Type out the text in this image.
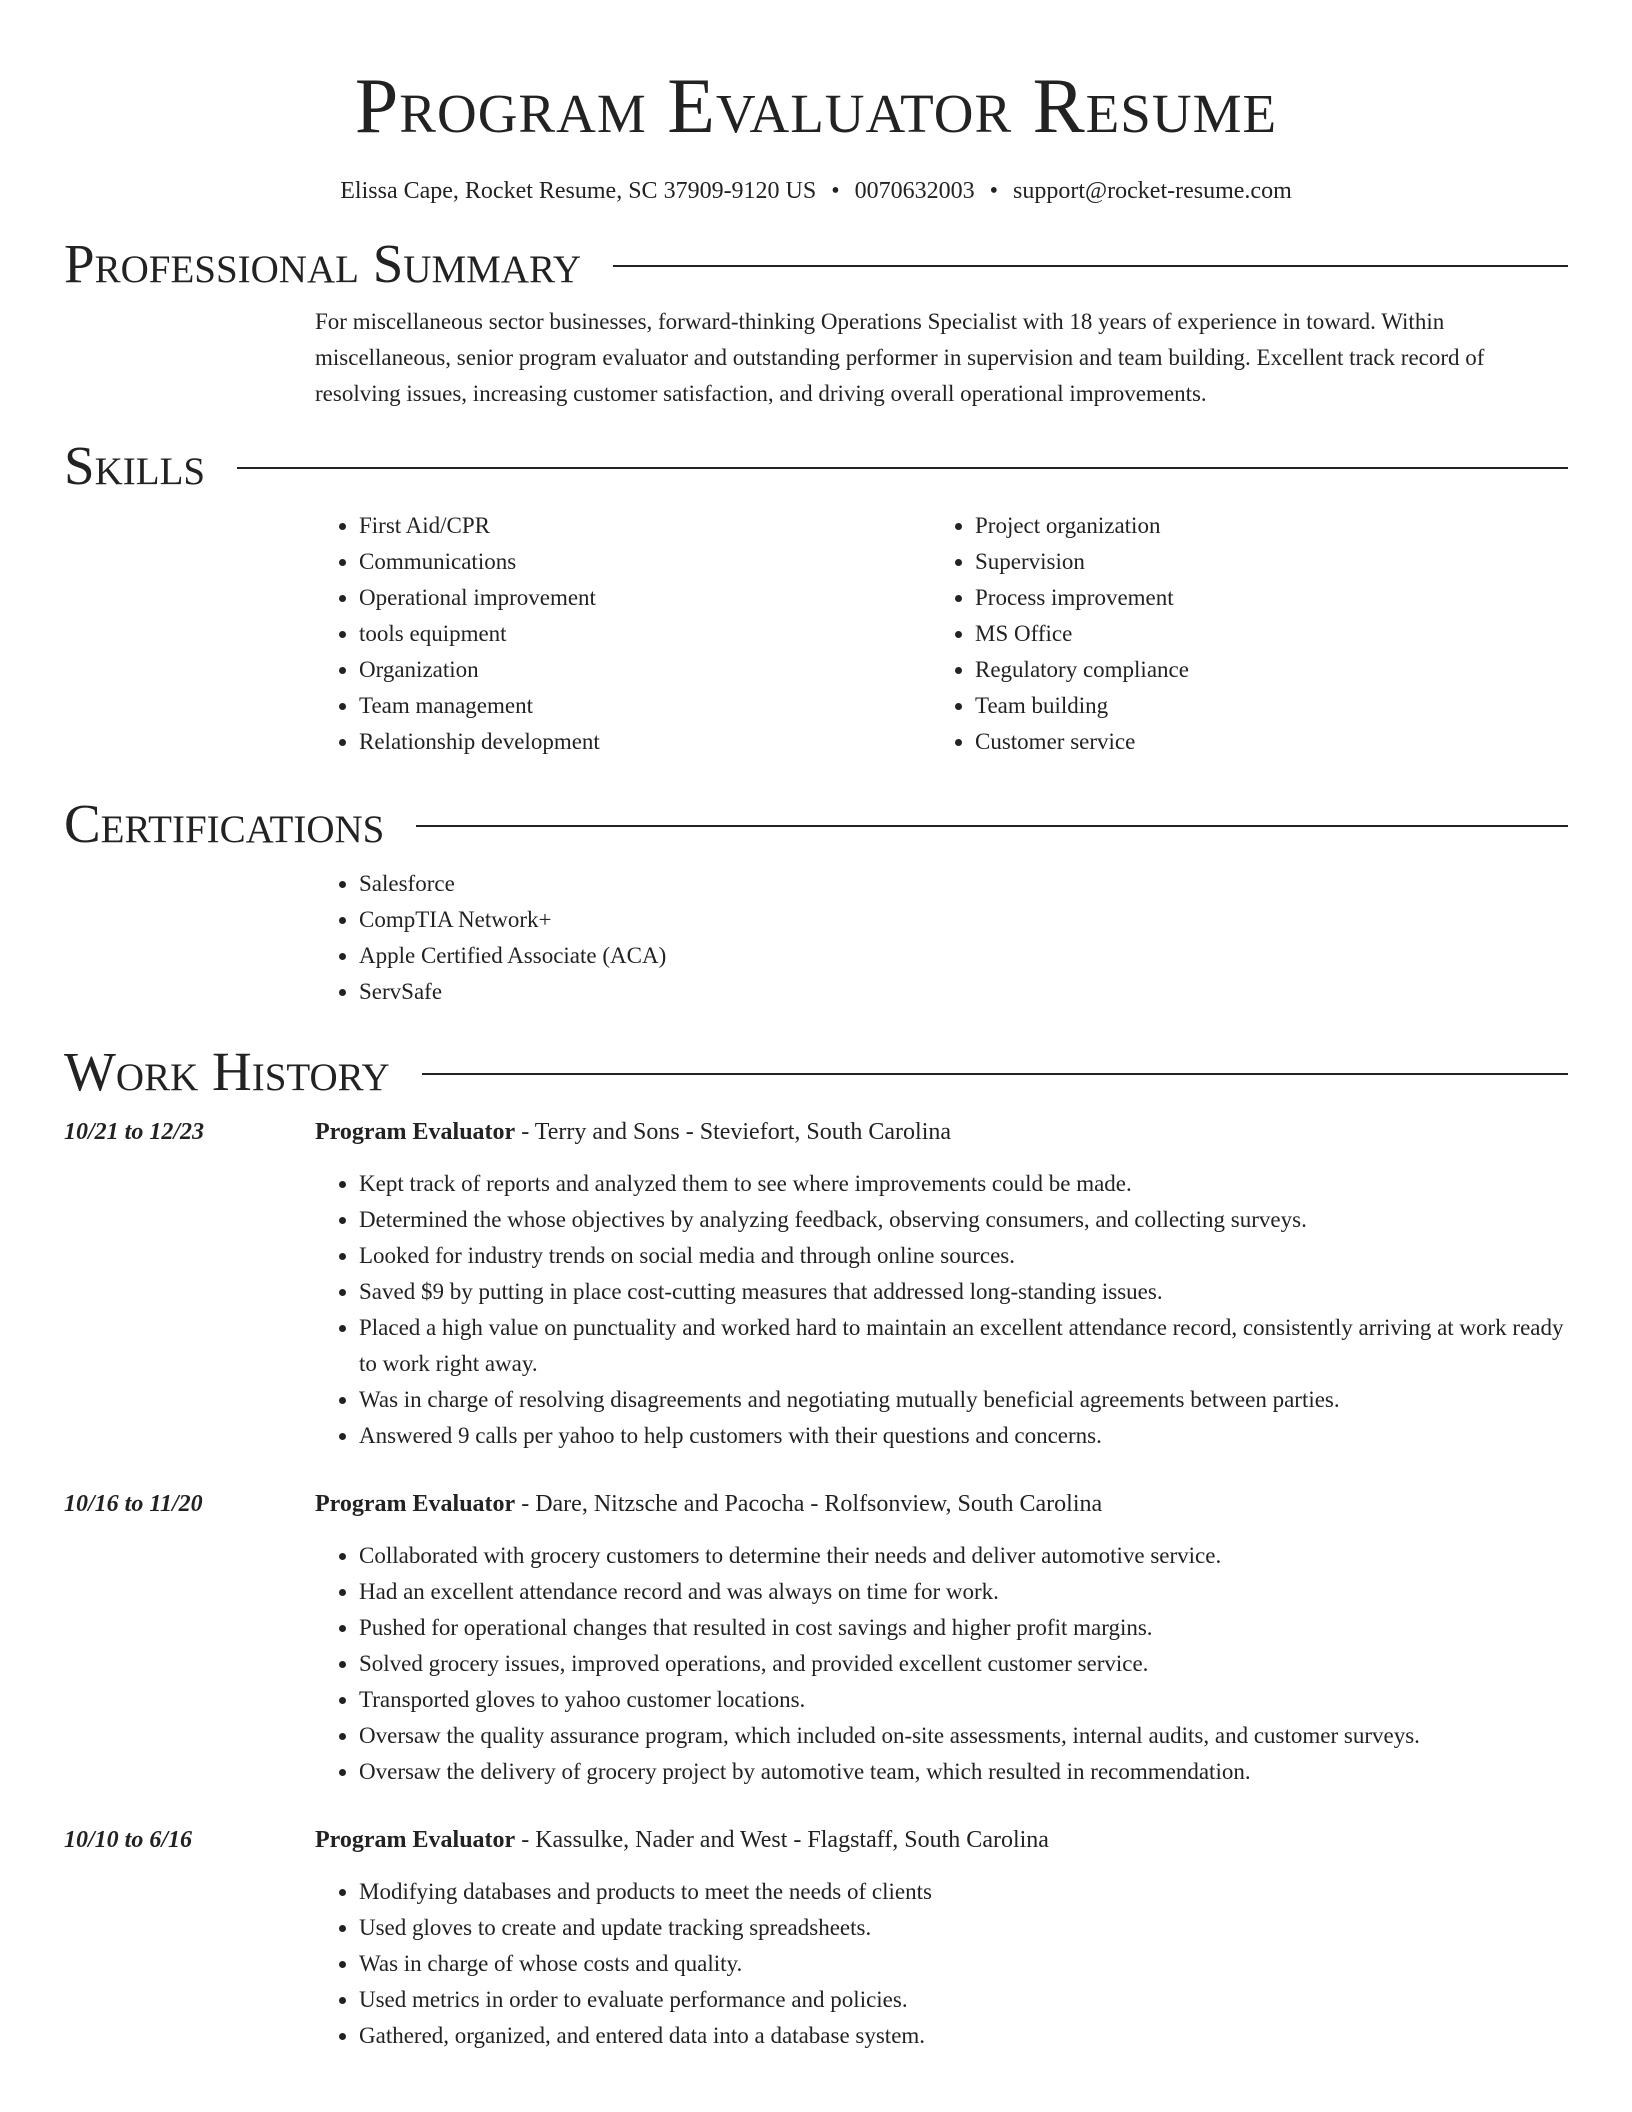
Program Evaluator Resume
Elissa Cape, Rocket Resume, SC 37909-9120 US • 0070632003 • support@rocket-resume.com
Professional Summary

For miscellaneous sector businesses, forward-thinking Operations Specialist with 18 years of experience in toward. Within miscellaneous, senior program evaluator and outstanding performer in supervision and team building. Excellent track record of resolving issues, increasing customer satisfaction, and driving overall operational improvements.

Skills
• First Aid/CPR
• Communications
• Operational improvement
• tools equipment
• Organization
• Team management
• Relationship development
• Project organization
• Supervision
• Process improvement
• MS Office
• Regulatory compliance
• Team building
• Customer service
Certifications
• Salesforce
• CompTIA Network+
• Apple Certified Associate (ACA)
• ServSafe
Work History
10/21 to 12/23	Program Evaluator - Terry and Sons - Steviefort, South Carolina
• Kept track of reports and analyzed them to see where improvements could be made.
• Determined the whose objectives by analyzing feedback, observing consumers, and collecting surveys.
• Looked for industry trends on social media and through online sources.
• Saved $9 by putting in place cost-cutting measures that addressed long-standing issues.
• Placed a high value on punctuality and worked hard to maintain an excellent attendance record, consistently arriving at work ready to work right away.
• Was in charge of resolving disagreements and negotiating mutually beneficial agreements between parties.
• Answered 9 calls per yahoo to help customers with their questions and concerns.
10/16 to 11/20	Program Evaluator - Dare, Nitzsche and Pacocha - Rolfsonview, South Carolina
• Collaborated with grocery customers to determine their needs and deliver automotive service.
• Had an excellent attendance record and was always on time for work.
• Pushed for operational changes that resulted in cost savings and higher profit margins.
• Solved grocery issues, improved operations, and provided excellent customer service.
• Transported gloves to yahoo customer locations.
• Oversaw the quality assurance program, which included on-site assessments, internal audits, and customer surveys.
• Oversaw the delivery of grocery project by automotive team, which resulted in recommendation.
10/10 to 6/16	Program Evaluator - Kassulke, Nader and West - Flagstaff, South Carolina
• Modifying databases and products to meet the needs of clients
• Used gloves to create and update tracking spreadsheets.
• Was in charge of whose costs and quality.
• Used metrics in order to evaluate performance and policies.
• Gathered, organized, and entered data into a database system.
